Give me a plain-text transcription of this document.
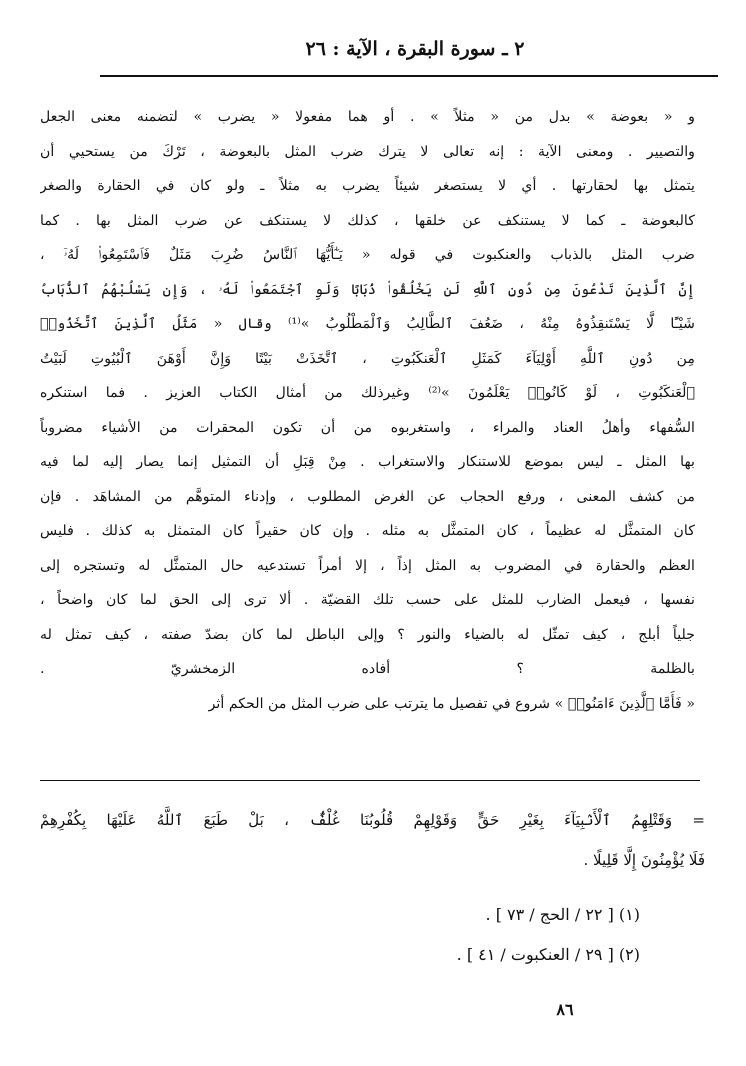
٢ ـ سورة البقرة ، الآية : ٢٦
و « بعوضة » بدل من « مثلاً » . أو هما مفعولا « يضرب » لتضمنه معنى الجعل
والتصيير . ومعنى الآية : إنه تعالى لا يترك ضرب المثل بالبعوضة ، تَرْكَ من يستحيي أن
يتمثل بها لحقارتها . أي لا يستصغر شيئاً يضرب به مثلاً ـ ولو كان في الحقارة والصغر
كالبعوضة ـ كما لا يستنكف عن خلقها ، كذلك لا يستنكف عن ضرب المثل بها . كما
ضرب المثل بالذباب والعنكبوت في قوله « يَـٰٓأَيُّهَا ٱلنَّاسُ ضُرِبَ مَثَلٌ فَٱسْتَمِعُوا۟ لَهُۥٓ ،
إِنَّ ٱلَّذِينَ تَدْعُونَ مِن دُونِ ٱللَّهِ لَن يَخْلُقُوا۟ ذُبَابًا وَلَوِ ٱجْتَمَعُوا۟ لَهُۥ ، وَإِن يَسْلُبْهُمُ ٱلذُّبَابُ
شَيْـًٔا لَّا يَسْتَنقِذُوهُ مِنْهُ ، ضَعُفَ ٱلطَّالِبُ وَٱلْمَطْلُوبُ »⁽¹⁾ وقال « مَثَلُ ٱلَّذِينَ ٱتَّخَذُوا۟
مِن دُونِ ٱللَّهِ أَوْلِيَآءَ كَمَثَلِ ٱلْعَنكَبُوتِ ، ٱتَّخَذَتْ بَيْتًا وَإِنَّ أَوْهَنَ ٱلْبُيُوتِ لَبَيْتُ
ٱلْعَنكَبُوتِ ، لَوْ كَانُوا۟ يَعْلَمُونَ »⁽²⁾ وغيرذلك من أمثال الكتاب العزيز . فما استنكره
السُّفهاء وأهلُ العناد والمراء ، واستغربوه من أن تكون المحقرات من الأشياء مضروباً
بها المثل ـ ليس بموضع للاستنكار والاستغراب . مِنْ قِبَلِ أن التمثيل إنما يصار إليه لما فيه
من كشف المعنى ، ورفع الحجاب عن الغرض المطلوب ، وإدناء المتوهَّم من المشاهَد . فإن
كان المتمثَّل له عظيماً ، كان المتمثَّل به مثله . وإن كان حقيراً كان المتمثل به كذلك . فليس
العظم والحقارة في المضروب به المثل إذاً ، إلا أمراً تستدعيه حال المتمثَّل له وتستجره إلى
نفسها ، فيعمل الضارب للمثل على حسب تلك القضيّة . ألا ترى إلى الحق لما كان واضحاً ،
جلياً أبلج ، كيف تمثّل له بالضياء والنور ؟ وإلى الباطل لما كان بضدّ صفته ، كيف تمثل له
بالظلمة ؟ أفاده الزمخشريّ .
« فَأَمَّا ٱلَّذِينَ ءَامَنُوا۟ » شروع في تفصيل ما يترتب على ضرب المثل من الحكم أثر
= وَقَتْلِهِمُ ٱلْأَنۢبِيَآءَ بِغَيْرِ حَقٍّ وَقَوْلِهِمْ قُلُوبُنَا غُلْفٌۢ ، بَلْ طَبَعَ ٱللَّهُ عَلَيْهَا بِكُفْرِهِمْ
فَلَا يُؤْمِنُونَ إِلَّا قَلِيلًا .
(١) [ ٢٢ / الحج / ٧٣ ] .
(٢) [ ٢٩ / العنكبوت / ٤١ ] .
٨٦
